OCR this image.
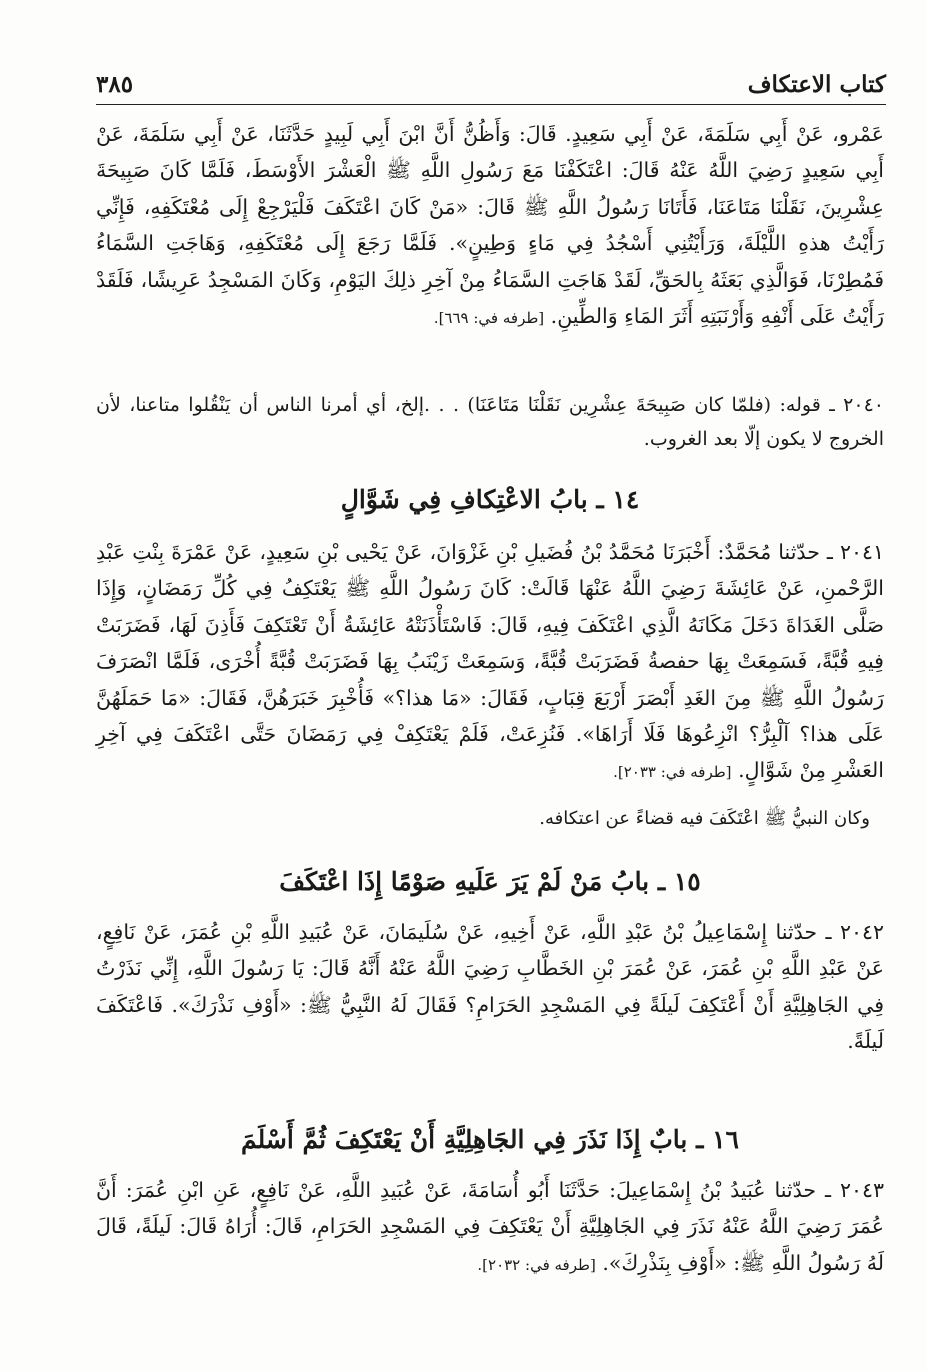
كتاب الاعتكاف
٣٨٥

عَمْرو، عَنْ أَبِي سَلَمَةَ، عَنْ أَبِي سَعِيدٍ. قَالَ: وَأَظُنُّ أَنَّ ابْنَ أَبِي لَبِيدٍ حَدَّثَنَا، عَنْ أَبِي سَلَمَةَ، عَنْ أَبِي سَعِيدٍ رَضِيَ اللَّهُ عَنْهُ قَالَ: اعْتَكَفْنَا مَعَ رَسُولِ اللَّهِ ﷺ الْعَشْرَ الأَوْسَطَ، فَلَمَّا كَانَ صَبِيحَةَ عِشْرِينَ، نَقَلْنَا مَتَاعَنَا، فَأَتَانَا رَسُولُ اللَّهِ ﷺ قَالَ: «مَنْ كَانَ اعْتَكَفَ فَلْيَرْجِعْ إِلَى مُعْتَكَفِهِ، فَإِنِّي رَأَيْتُ هذهِ اللَّيْلَةَ، وَرَأَيْتُنِي أَسْجُدُ فِي مَاءٍ وَطِينٍ». فَلَمَّا رَجَعَ إِلَى مُعْتَكَفِهِ، وَهَاجَتِ السَّمَاءُ فَمُطِرْنَا، فَوَالَّذِي بَعَثَهُ بِالحَقِّ، لَقَدْ هَاجَتِ السَّمَاءُ مِنْ آخِرِ ذلِكَ اليَوْمِ، وَكَانَ المَسْجِدُ عَرِيشًا، فَلَقَدْ رَأَيْتُ عَلَى أَنْفِهِ وَأَرْنَبَتِهِ أَثَرَ المَاءِ وَالطِّينِ. [طرفه في: ٦٦٩].

٢٠٤٠ ـ قوله: (فلمّا كان صَبِيحَةَ عِشْرِين نَقَلْنَا مَتَاعَنَا) . . .إلخ، أي أمرنا الناس أن يَنْقُلوا متاعنا، لأن الخروج لا يكون إلّا بعد الغروب.

١٤ ـ بابُ الاعْتِكافِ فِي شَوَّالٍ

٢٠٤١ ـ حدّثنا مُحَمَّدٌ: أَخْبَرَنَا مُحَمَّدُ بْنُ فُضَيلِ بْنِ غَزْوَانَ، عَنْ يَحْيى بْنِ سَعِيدٍ، عَنْ عَمْرَةَ بِنْتِ عَبْدِ الرَّحْمنِ، عَنْ عَائِشَةَ رَضِيَ اللَّهُ عَنْهَا قَالَتْ: كَانَ رَسُولُ اللَّهِ ﷺ يَعْتَكِفُ فِي كُلِّ رَمَضَانٍ، وَإِذَا صَلَّى الغَدَاةَ دَخَلَ مَكَانَهُ الَّذِي اعْتَكَفَ فِيهِ، قَالَ: فَاسْتَأْذَنَتْهُ عَائِشَةُ أَنْ تَعْتَكِفَ فَأَذِنَ لَهَا، فَضَرَبَتْ فِيهِ قُبَّةً، فَسَمِعَتْ بِهَا حفصةُ فَضَرَبَتْ قُبَّةً، وَسَمِعَتْ زَيْنَبُ بِهَا فَضَرَبَتْ قُبَّةً أُخْرَى، فَلَمَّا انْصَرَفَ رَسُولُ اللَّهِ ﷺ مِنَ الغَدِ أَبْصَرَ أَرْبَعَ قِبَابٍ، فَقَالَ: «مَا هذا؟» فَأُخْبِرَ خَبَرَهُنَّ، فَقَالَ: «مَا حَمَلَهُنَّ عَلَى هذا؟ آلْبِرُّ؟ انْزِعُوهَا فَلَا أَرَاهَا». فَنُزِعَتْ، فَلَمْ يَعْتَكِفْ فِي رَمَضَانَ حَتَّى اعْتَكَفَ فِي آخِرِ العَشْرِ مِنْ شَوَّالٍ. [طرفه في: ٢٠٣٣].

وكان النبيُّ ﷺ اعْتَكَفَ فيه قضاءً عن اعتكافه.

١٥ ـ بابُ مَنْ لَمْ يَرَ عَلَيهِ صَوْمًا إِذَا اعْتَكَفَ

٢٠٤٢ ـ حدّثنا إِسْمَاعِيلُ بْنُ عَبْدِ اللَّهِ، عَنْ أَخِيهِ، عَنْ سُلَيمَانَ، عَنْ عُبَيدِ اللَّهِ بْنِ عُمَرَ، عَنْ نَافِعٍ، عَنْ عَبْدِ اللَّهِ بْنِ عُمَرَ، عَنْ عُمَرَ بْنِ الخَطَّابِ رَضِيَ اللَّهُ عَنْهُ أَنَّهُ قَالَ: يَا رَسُولَ اللَّهِ، إِنِّي نَذَرْتُ فِي الجَاهِلِيَّةِ أَنْ أَعْتَكِفَ لَيلَةً فِي المَسْجِدِ الحَرَامِ؟ فَقَالَ لَهُ النَّبِيُّ ﷺ: «أَوْفِ نَذْرَكَ». فَاعْتَكَفَ لَيلَةً.

١٦ ـ بابٌ إِذَا نَذَرَ فِي الجَاهِلِيَّةِ أَنْ يَعْتَكِفَ ثُمَّ أَسْلَمَ

٢٠٤٣ ـ حدّثنا عُبَيدُ بْنُ إِسْمَاعِيلَ: حَدَّثَنَا أَبُو أُسَامَةَ، عَنْ عُبَيدِ اللَّهِ، عَنْ نَافِعٍ، عَنِ ابْنِ عُمَرَ: أَنَّ عُمَرَ رَضِيَ اللَّهُ عَنْهُ نَذَرَ فِي الجَاهِلِيَّةِ أَنْ يَعْتَكِفَ فِي المَسْجِدِ الحَرَامِ، قَالَ: أُرَاهُ قَالَ: لَيلَةً، قَالَ لَهُ رَسُولُ اللَّهِ ﷺ: «أَوْفِ بِنَذْرِكَ». [طرفه في: ٢٠٣٢].
